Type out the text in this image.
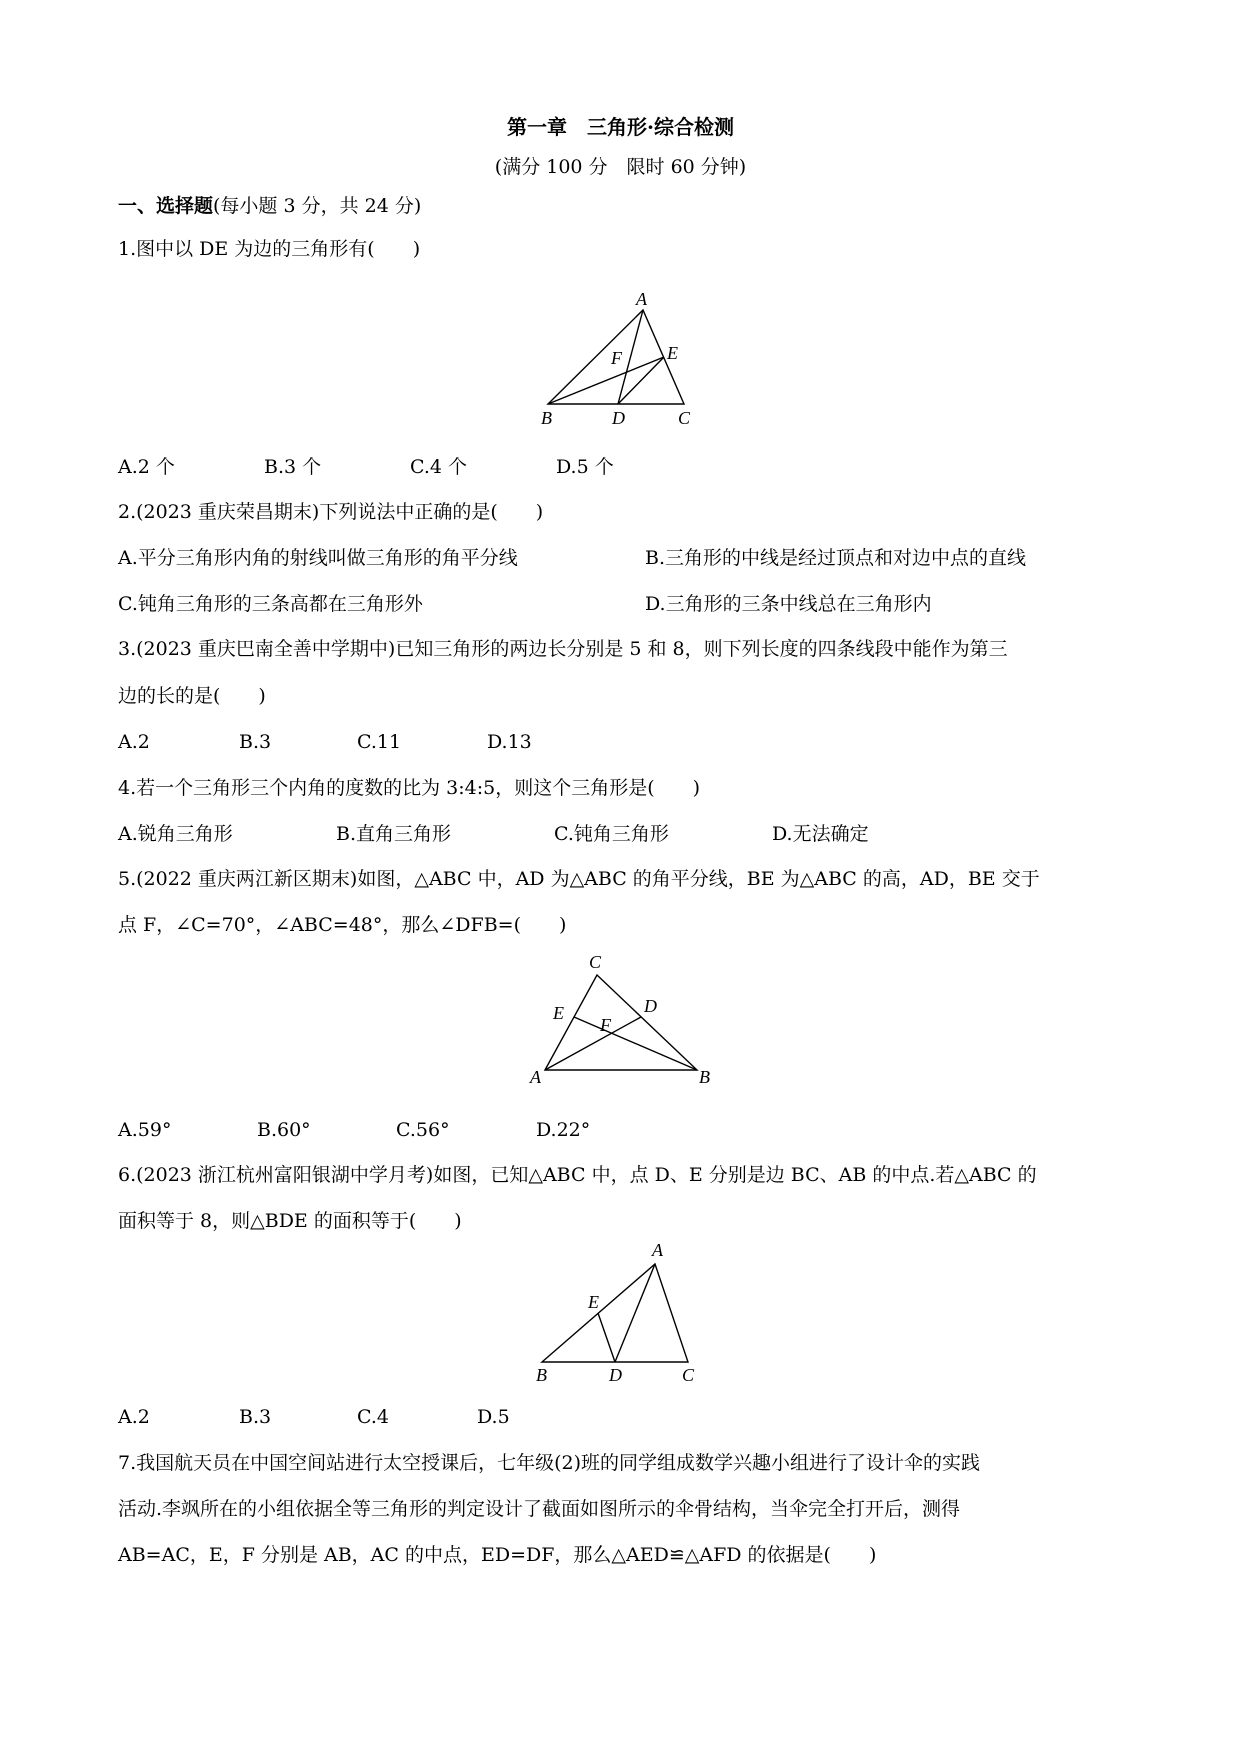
第一章　三角形·综合检测
(满分 100 分　限时 60 分钟)
一、选择题(每小题 3 分，共 24 分)
1.图中以 DE 为边的三角形有(　　)
A
F	E
B	D	C
A.2 个	B.3 个	C.4 个	D.5 个
2.(2023 重庆荣昌期末)下列说法中正确的是(　　)
A.平分三角形内角的射线叫做三角形的角平分线	B.三角形的中线是经过顶点和对边中点的直线
C.钝角三角形的三条高都在三角形外	D.三角形的三条中线总在三角形内
3.(2023 重庆巴南全善中学期中)已知三角形的两边长分别是 5 和 8，则下列长度的四条线段中能作为第三
边的长的是(　　)
A.2	B.3	C.11	D.13
4.若一个三角形三个内角的度数的比为 3:4:5，则这个三角形是(　　)
A.锐角三角形	B.直角三角形	C.钝角三角形	D.无法确定
5.(2022 重庆两江新区期末)如图，△ABC 中，AD 为△ABC 的角平分线，BE 为△ABC 的高，AD，BE 交于
点 F，∠C=70°，∠ABC=48°，那么∠DFB=(　　)
C
D
E
F
A	B
A.59°	B.60°	C.56°	D.22°
6.(2023 浙江杭州富阳银湖中学月考)如图，已知△ABC 中，点 D、E 分别是边 BC、AB 的中点.若△ABC 的
面积等于 8，则△BDE 的面积等于(　　)
A
E
B	D	C
A.2	B.3	C.4	D.5
7.我国航天员在中国空间站进行太空授课后，七年级(2)班的同学组成数学兴趣小组进行了设计伞的实践
活动.李飒所在的小组依据全等三角形的判定设计了截面如图所示的伞骨结构，当伞完全打开后，测得
AB=AC，E，F 分别是 AB，AC 的中点，ED=DF，那么△AED≌△AFD 的依据是(　　)
